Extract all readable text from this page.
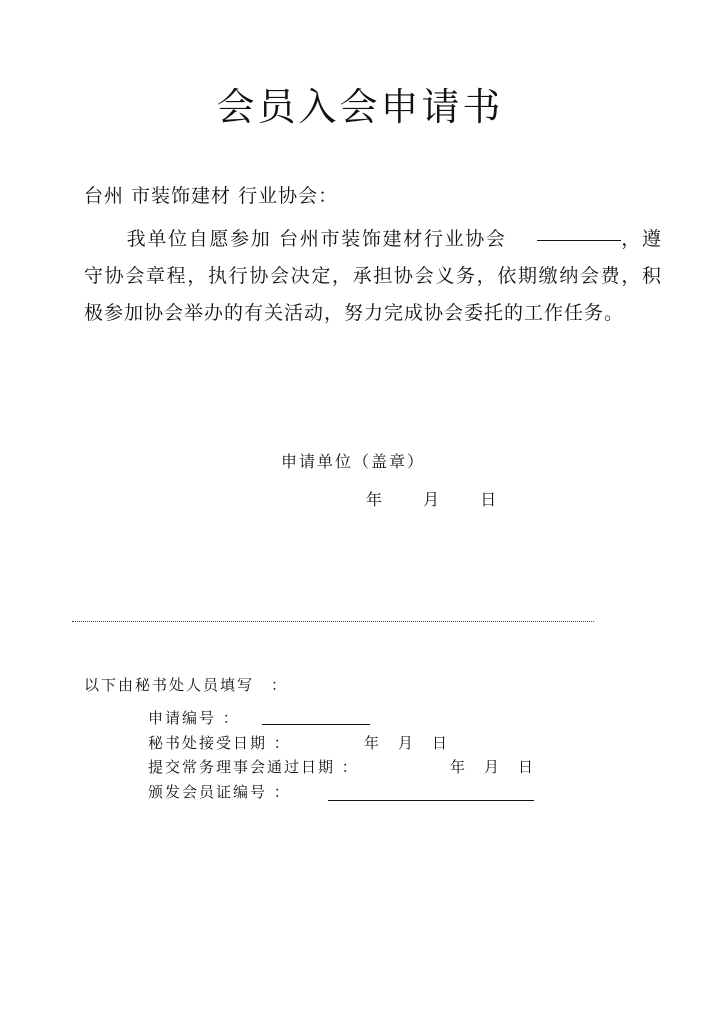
会员入会申请书
台州 市装饰建材 行业协会：
我单位自愿参加 台州市装饰建材行业协会	，遵守协会章程，执行协会决定，承担协会义务，依期缴纳会费，积极参加协会举办的有关活动，努力完成协会委托的工作任务。
申请单位（盖章）
年	月	日
以下由秘书处人员填写　：
申请编号 ：
秘书处接受日期 ：	年 月 日
提交常务理事会通过日期 ：	年 月 日
颁发会员证编号 ：
